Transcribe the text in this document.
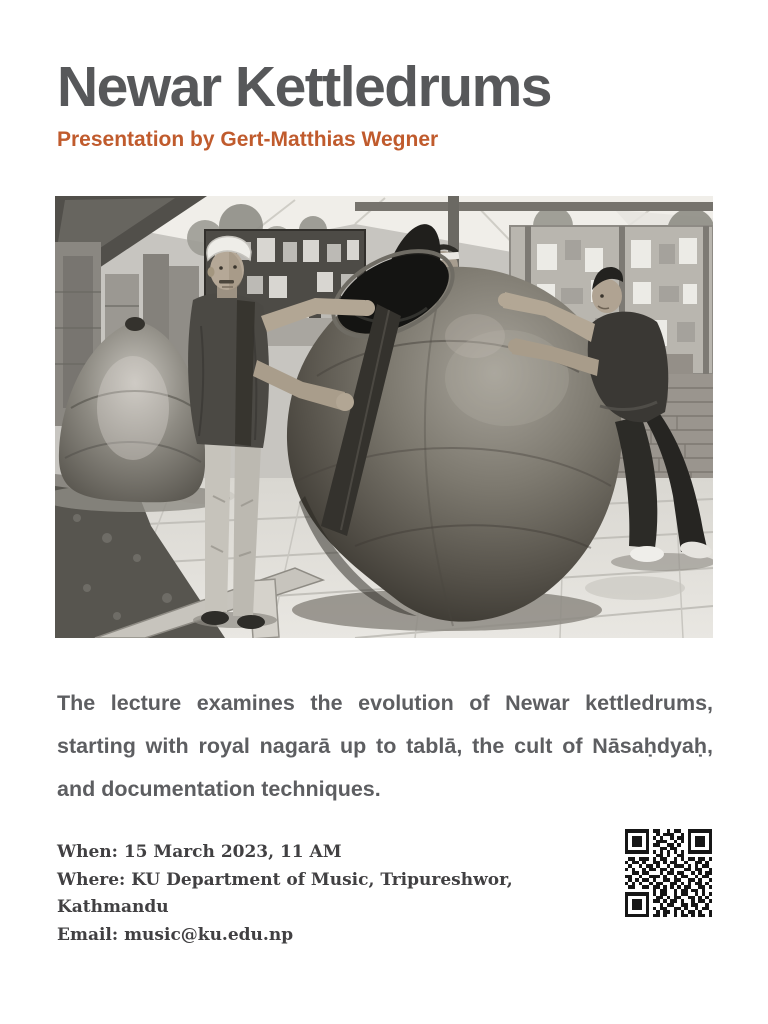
Newar Kettledrums

Presentation by Gert-Matthias Wegner

The lecture examines the evolution of Newar kettledrums, starting with royal nagarā up to tablā, the cult of Nāsaḥdyaḥ, and documentation techniques.

When: 15 March 2023, 11 AM
Where: KU Department of Music, Tripureshwor, Kathmandu
Email: music@ku.edu.np
